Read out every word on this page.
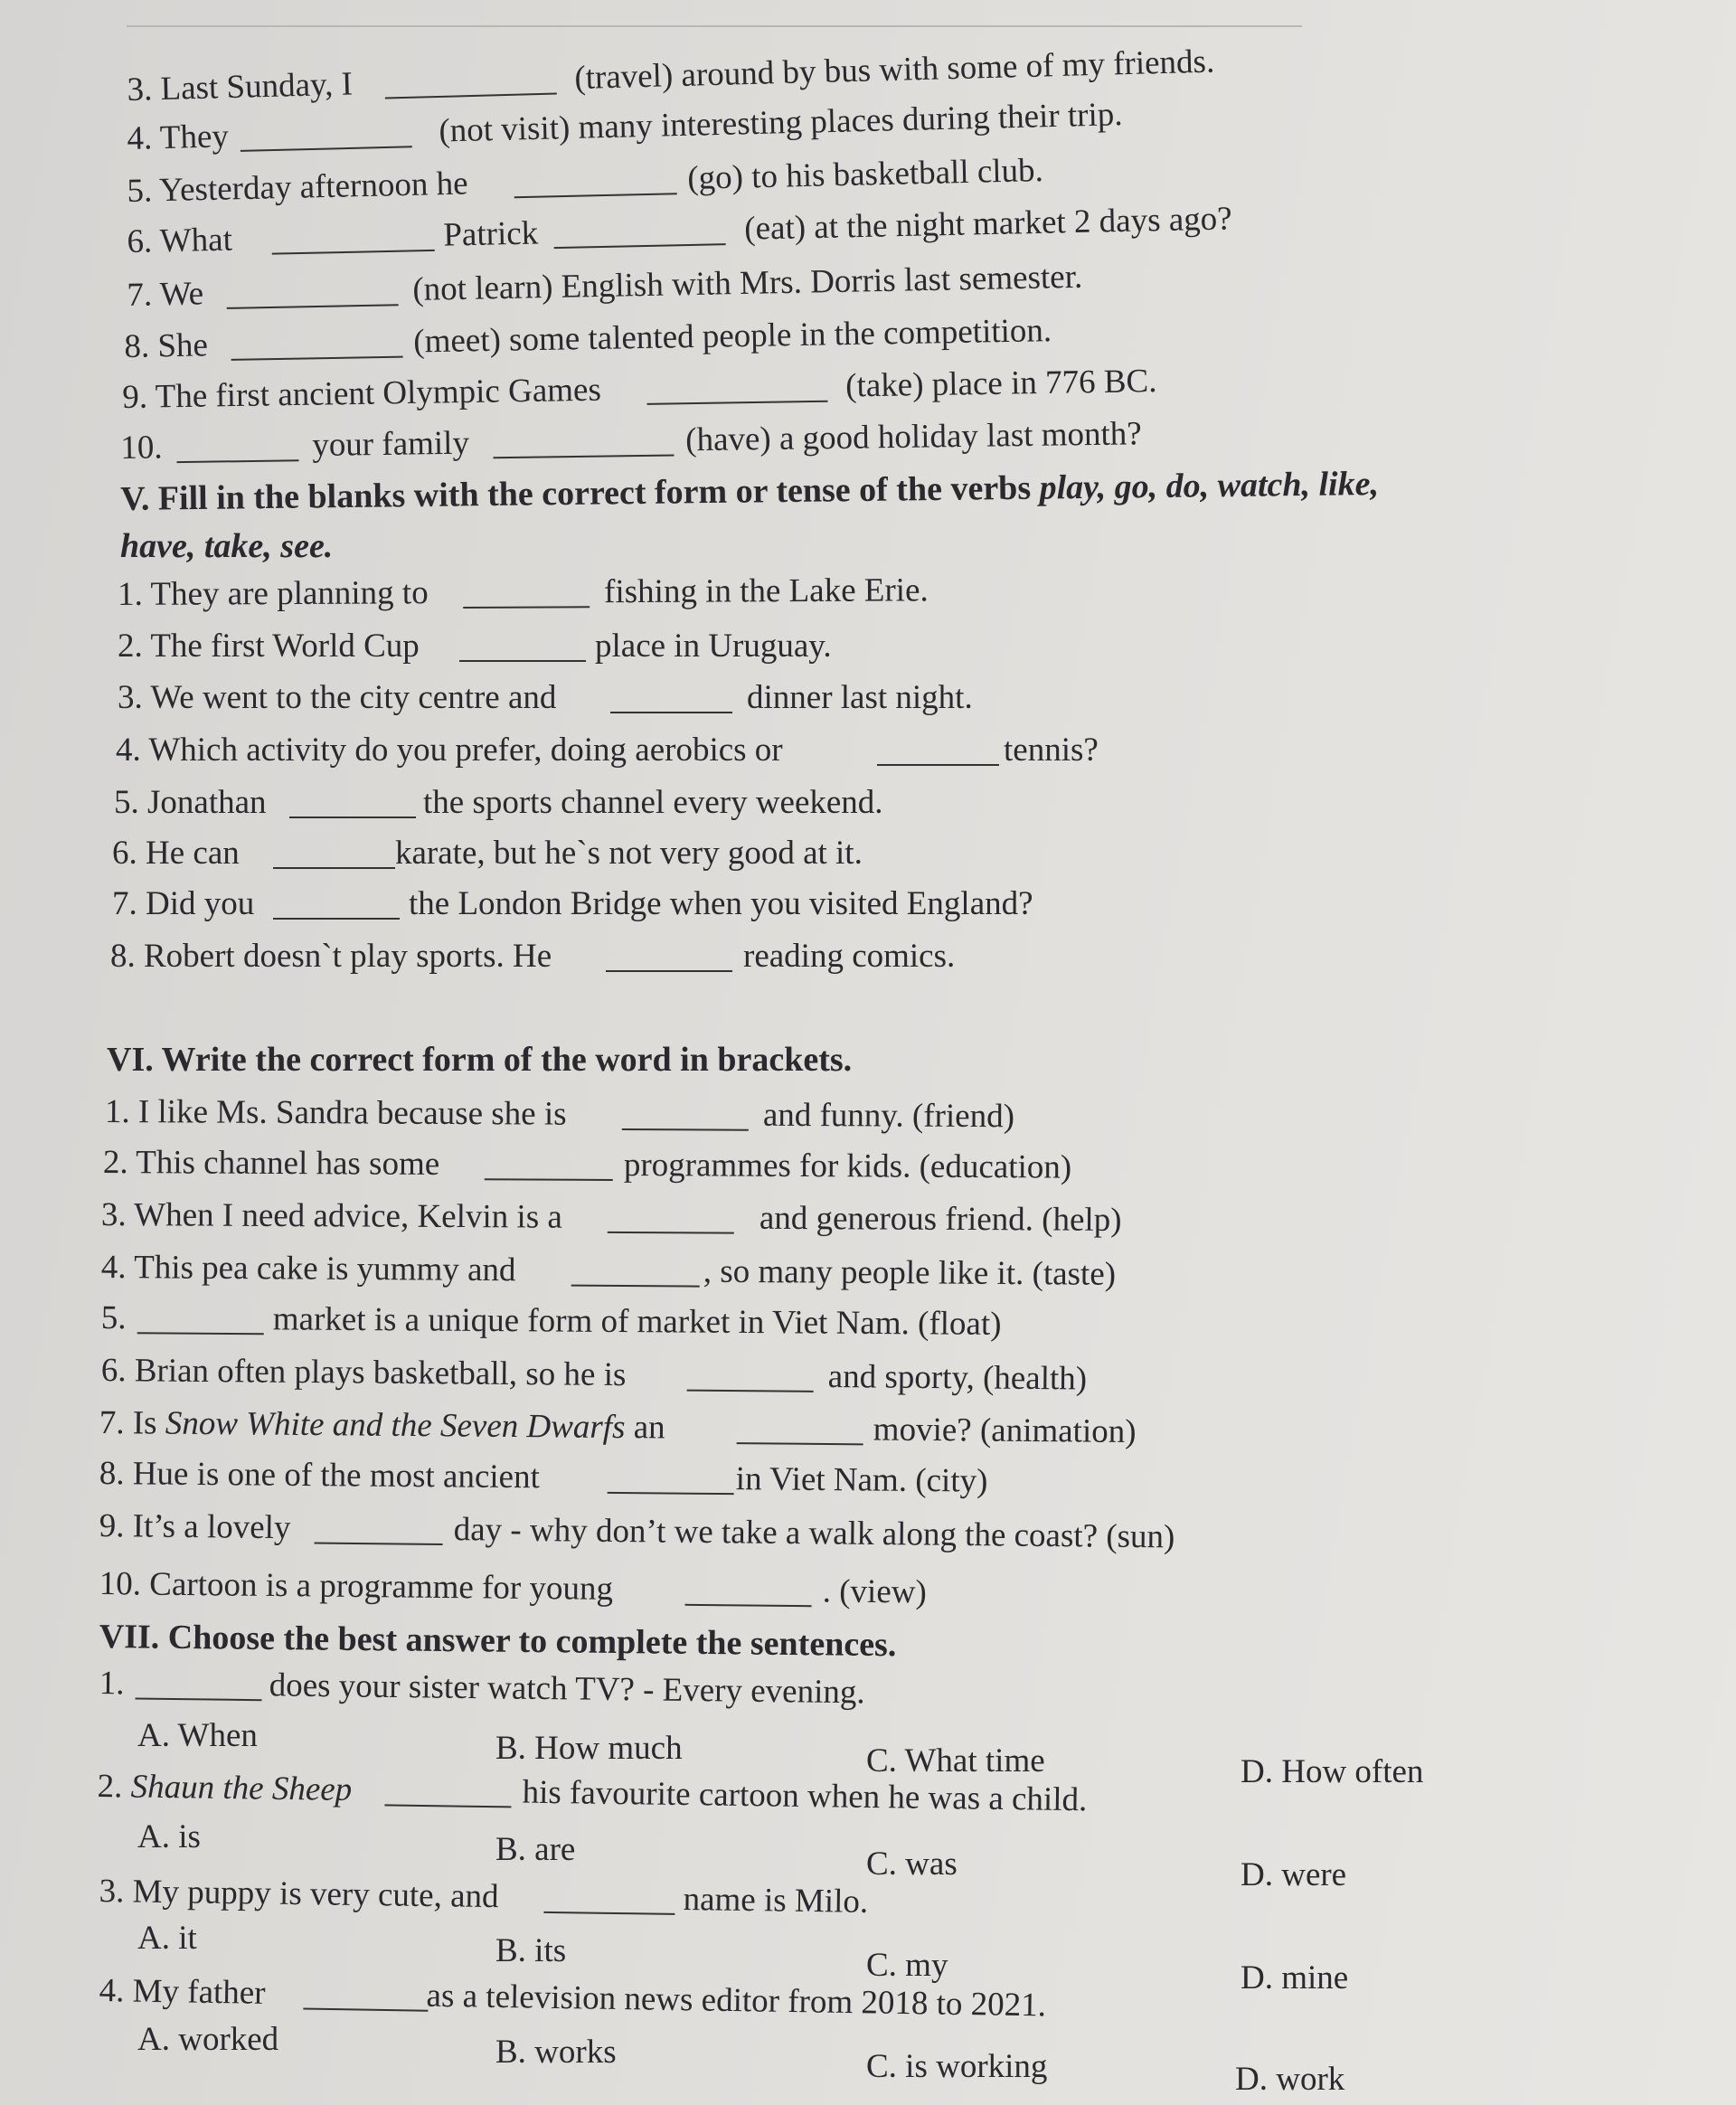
3. Last Sunday, I	(travel) around by bus with some of my friends.
4. They	(not visit) many interesting places during their trip.
5. Yesterday afternoon he	(go) to his basketball club.
6. What	Patrick	(eat) at the night market 2 days ago?
7. We	(not learn) English with Mrs. Dorris last semester.
8. She	(meet) some talented people in the competition.
9. The first ancient Olympic Games	(take) place in 776 BC.
10.	your family	(have) a good holiday last month?
V. Fill in the blanks with the correct form or tense of the verbs play, go, do, watch, like,
have, take, see.
1. They are planning to	fishing in the Lake Erie.
2. The first World Cup	place in Uruguay.
3. We went to the city centre and	dinner last night.
4. Which activity do you prefer, doing aerobics or	tennis?
5. Jonathan	the sports channel every weekend.
6. He can	karate, but he`s not very good at it.
7. Did you	the London Bridge when you visited England?
8. Robert doesn`t play sports. He	reading comics.
VI. Write the correct form of the word in brackets.
1. I like Ms. Sandra because she is	and funny. (friend)
2. This channel has some	programmes for kids. (education)
3. When I need advice, Kelvin is a	and generous friend. (help)
4. This pea cake is yummy and	, so many people like it. (taste)
5.	market is a unique form of market in Viet Nam. (float)
6. Brian often plays basketball, so he is	and sporty, (health)
7. Is Snow White and the Seven Dwarfs an	movie? (animation)
8. Hue is one of the most ancient	in Viet Nam. (city)
9. It’s a lovely	day - why don’t we take a walk along the coast? (sun)
10. Cartoon is a programme for young	. (view)
VII. Choose the best answer to complete the sentences.
1.	does your sister watch TV? - Every evening.
A. When	B. How much	C. What time	D. How often
2. Shaun the Sheep	his favourite cartoon when he was a child.
A. is	B. are	C. was	D. were
3. My puppy is very cute, and	name is Milo.
A. it	B. its	C. my	D. mine
4. My father	as a television news editor from 2018 to 2021.
A. worked	B. works	C. is working	D. work
